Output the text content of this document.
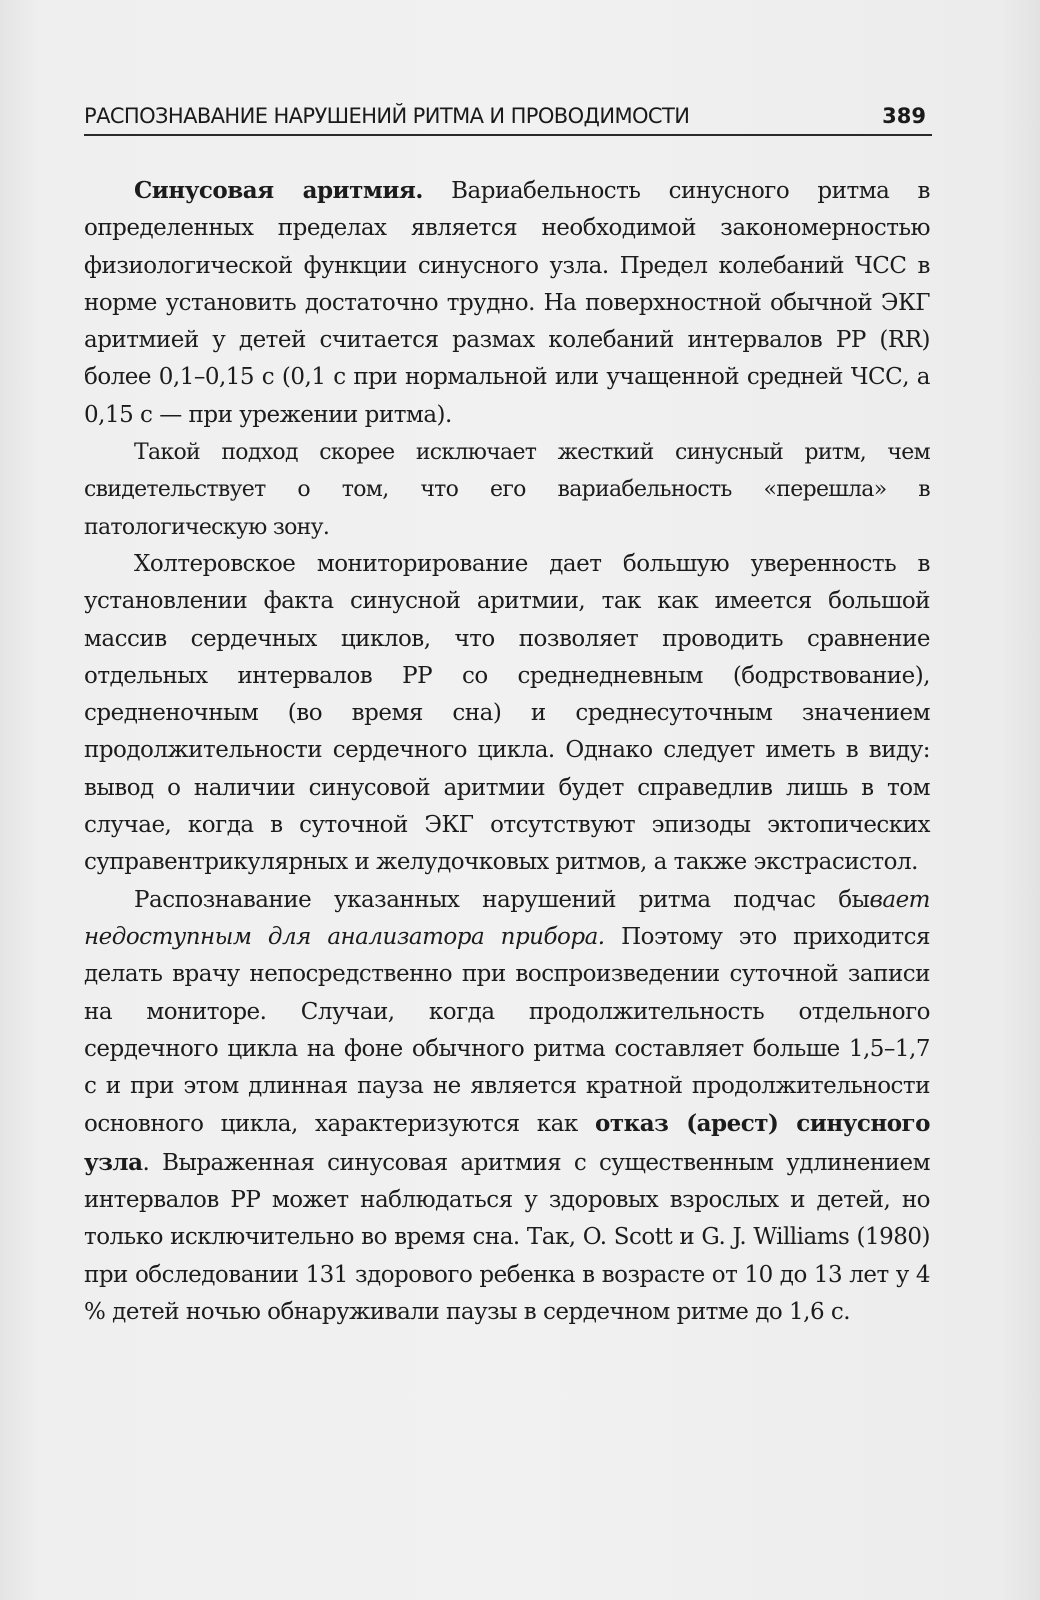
РАСПОЗНАВАНИЕ НАРУШЕНИЙ РИТМА И ПРОВОДИМОСТИ	389

Синусовая аритмия. Вариабельность синусного ритма в определенных пределах является необходимой закономерностью физиологической функции синусного узла. Предел колебаний ЧСС в норме установить достаточно трудно. На поверхностной обычной ЭКГ аритмией у детей считается размах колебаний интервалов РР (RR) более 0,1–0,15 с (0,1 с при нормальной или учащенной средней ЧСС, а 0,15 с — при урежении ритма).

Такой подход скорее исключает жесткий синусный ритм, чем свидетельствует о том, что его вариабельность «перешла» в патологическую зону.

Холтеровское мониторирование дает большую уверенность в установлении факта синусной аритмии, так как имеется большой массив сердечных циклов, что позволяет проводить сравнение отдельных интервалов РР со среднедневным (бодрствование), средненочным (во время сна) и среднесуточным значением продолжительности сердечного цикла. Однако следует иметь в виду: вывод о наличии синусовой аритмии будет справедлив лишь в том случае, когда в суточной ЭКГ отсутствуют эпизоды эктопических суправентрикулярных и желудочковых ритмов, а также экстрасистол.

Распознавание указанных нарушений ритма подчас бывает недоступным для анализатора прибора. Поэтому это приходится делать врачу непосредственно при воспроизведении суточной записи на мониторе. Случаи, когда продолжительность отдельного сердечного цикла на фоне обычного ритма составляет больше 1,5–1,7 с и при этом длинная пауза не является кратной продолжительности основного цикла, характеризуются как отказ (арест) синусного узла. Выраженная синусовая аритмия с существенным удлинением интервалов РР может наблюдаться у здоровых взрослых и детей, но только исключительно во время сна. Так, O. Scott и G. J. Williams (1980) при обследовании 131 здорового ребенка в возрасте от 10 до 13 лет у 4 % детей ночью обнаруживали паузы в сердечном ритме до 1,6 с.
